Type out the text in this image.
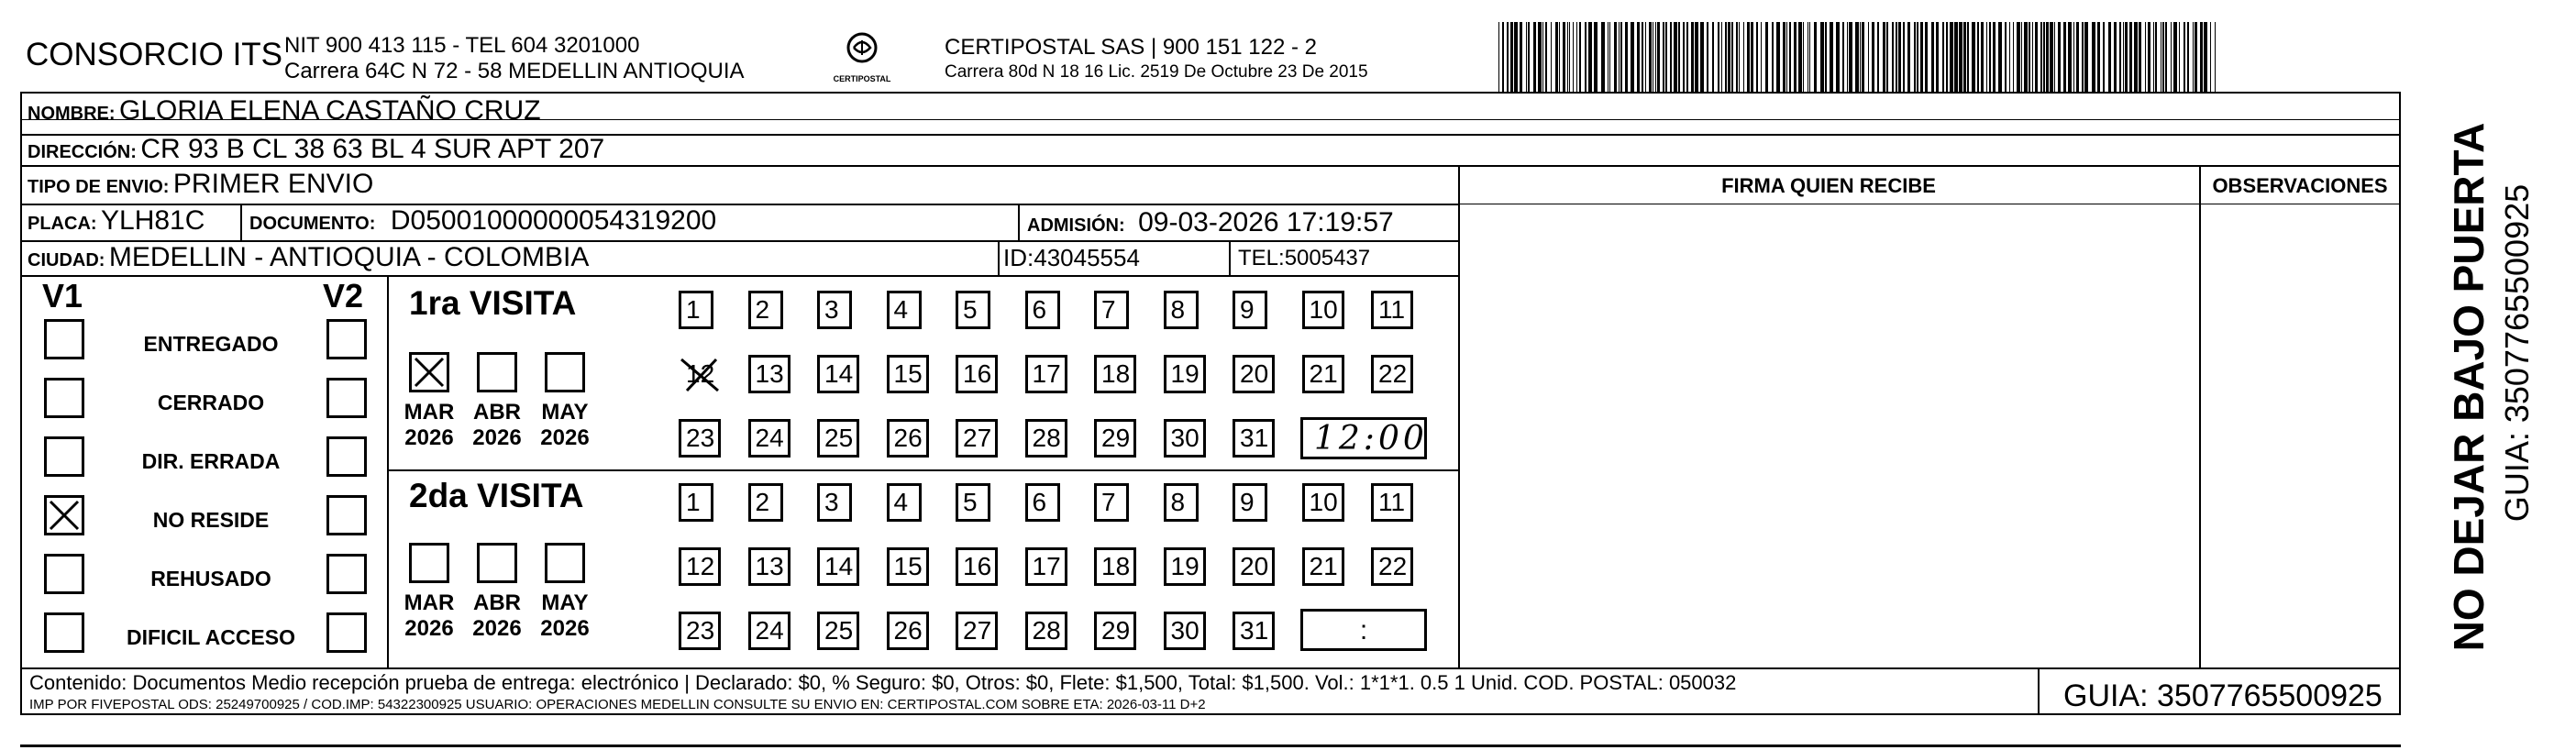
CONSORCIO ITS NIT 900 413 115 - TEL 604 3201000
Carrera 64C N 72 - 58 MEDELLIN ANTIOQUIA	CERTIPOSTAL
CERTIPOSTAL SAS | 900 151 122 - 2
Carrera 80d N 18 16 Lic. 2519 De Octubre 23 De 2015
NOMBRE: GLORIA ELENA CASTAÑO CRUZ
DIRECCIÓN: CR 93 B CL 38 63 BL 4 SUR APT 207
TIPO DE ENVIO: PRIMER ENVIO
PLACA: YLH81C DOCUMENTO: D05001000000054319200	ADMISIÓN: 09-03-2026 17:19:57
CIUDAD: MEDELLIN - ANTIOQUIA - COLOMBIA	ID:43045554	TEL:5005437
FIRMA QUIEN RECIBE	OBSERVACIONES
V1	V2
ENTREGADO
CERRADO
DIR. ERRADA
NO RESIDE
REHUSADO
DIFICIL ACCESO
1ra VISITA
2da VISITA
MAR
2026
ABR
2026
MAY
2026
MAR
2026
ABR
2026
MAY
2026
1	2	3	4	5	6	7	8	9	10 11
12 13 14 15 16 17 18 19 20 21 22
23 24 25 26 27 28 29 30 31
1	2	3	4	5	6	7	8	9	10 11
12 13 14 15 16 17 18 19 20 21 22
23 24 25 26 27 28 29 30 31
12:00
:
Contenido: Documentos Medio recepción prueba de entrega: electrónico | Declarado: $0, % Seguro: $0, Otros: $0, Flete: $1,500, Total: $1,500. Vol.: 1*1*1. 0.5 1 Unid. COD. POSTAL: 050032
IMP POR FIVEPOSTAL ODS: 25249700925 / COD.IMP: 54322300925 USUARIO: OPERACIONES MEDELLIN CONSULTE SU ENVIO EN: CERTIPOSTAL.COM SOBRE ETA: 2026-03-11 D+2	GUIA: 3507765500925
NO DEJAR BAJO PUERTA GUIA: 3507765500925
